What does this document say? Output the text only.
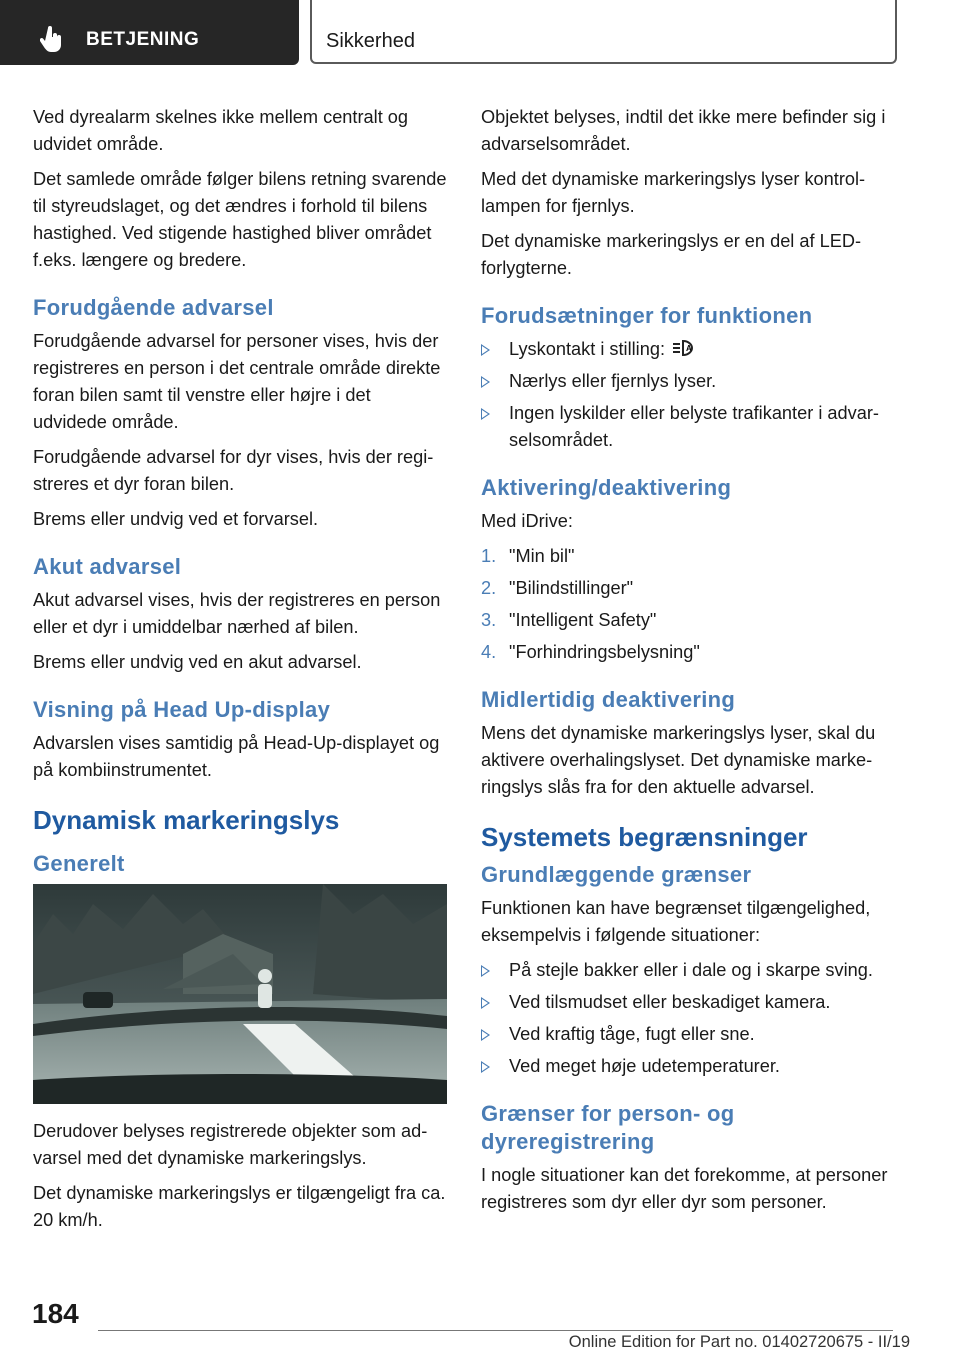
BETJENING	Sikkerhed

Ved dyrealarm skelnes ikke mellem centralt og udvidet område.

Det samlede område følger bilens retning svarende til styreudslaget, og det ændres i forhold til bilens hastighed. Ved stigende hastighed bliver området f.eks. længere og bredere.

Forudgående advarsel

Forudgående advarsel for personer vises, hvis der registreres en person i det centrale område direkte foran bilen samt til venstre eller højre i det udvidede område.

Forudgående advarsel for dyr vises, hvis der registreres et dyr foran bilen.

Brems eller undvig ved et forvarsel.

Akut advarsel

Akut advarsel vises, hvis der registreres en person eller et dyr i umiddelbar nærhed af bilen.

Brems eller undvig ved en akut advarsel.

Visning på Head Up-display

Advarslen vises samtidig på Head-Up-displayet og på kombiinstrumentet.

Dynamisk markeringslys
Generelt

Derudover belyses registrerede objekter som advarsel med det dynamiske markeringslys.

Det dynamiske markeringslys er tilgængeligt fra ca. 20 km/h.

Objektet belyses, indtil det ikke mere befinder sig i advarselsområdet.

Med det dynamiske markeringslys lyser kontrollampen for fjernlys.

Det dynamiske markeringslys er en del af LED-forlygterne.

Forudsætninger for funktionen
Lyskontakt i stilling:	A
Nærlys eller fjernlys lyser.
Ingen lyskilder eller belyste trafikanter i advarselsområdet.
Aktivering/deaktivering

Med iDrive:

1. "Min bil"
2. "Bilindstillinger"
3. "Intelligent Safety"
4. "Forhindringsbelysning"
Midlertidig deaktivering

Mens det dynamiske markeringslys lyser, skal du aktivere overhalingslyset. Det dynamiske markeringslys slås fra for den aktuelle advarsel.

Systemets begrænsninger
Grundlæggende grænser

Funktionen kan have begrænset tilgængelighed, eksempelvis i følgende situationer:

På stejle bakker eller i dale og i skarpe sving.
Ved tilsmudset eller beskadiget kamera.
Ved kraftig tåge, fugt eller sne.
Ved meget høje udetemperaturer.
Grænser for person- og dyreregistrering

I nogle situationer kan det forekomme, at personer registreres som dyr eller dyr som personer.

184
Online Edition for Part no. 01402720675 - II/19
